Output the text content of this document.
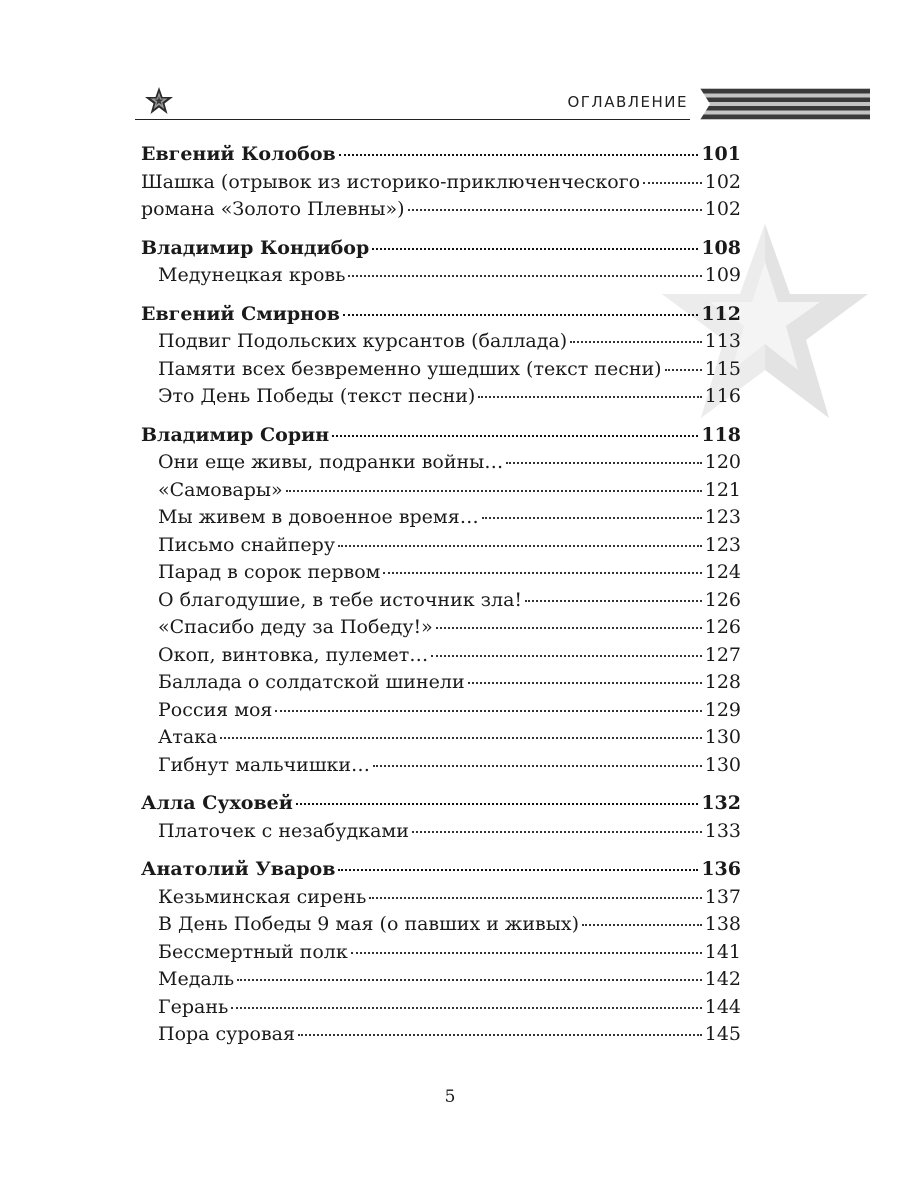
ОГЛАВЛЕНИЕ
Евгений Колобов	101
Шашка (отрывок из историко-приключенческого	102
романа «Золото Плевны»)	102
Владимир Кондибор	108
Медунецкая кровь	109
Евгений Смирнов	112
Подвиг Подольских курсантов (баллада)	113
Памяти всех безвременно ушедших (текст песни) 115
Это День Победы (текст песни)	116
Владимир Сорин	118
Они еще живы, подранки войны…	120
«Самовары»	121
Мы живем в довоенное время…	123
Письмо снайперу	123
Парад в сорок первом	124
О благодушие, в тебе источник зла!	126
«Спасибо деду за Победу!»	126
Окоп, винтовка, пулемет…	127
Баллада о солдатской шинели	128
Россия моя	129
Атака	130
Гибнут мальчишки…	130
Алла Суховей	132
Платочек с незабудками	133
Анатолий Уваров	136
Кезьминская сирень	137
В День Победы 9 мая (о павших и живых)	138
Бессмертный полк	141
Медаль	142
Герань	144
Пора суровая	145
5
